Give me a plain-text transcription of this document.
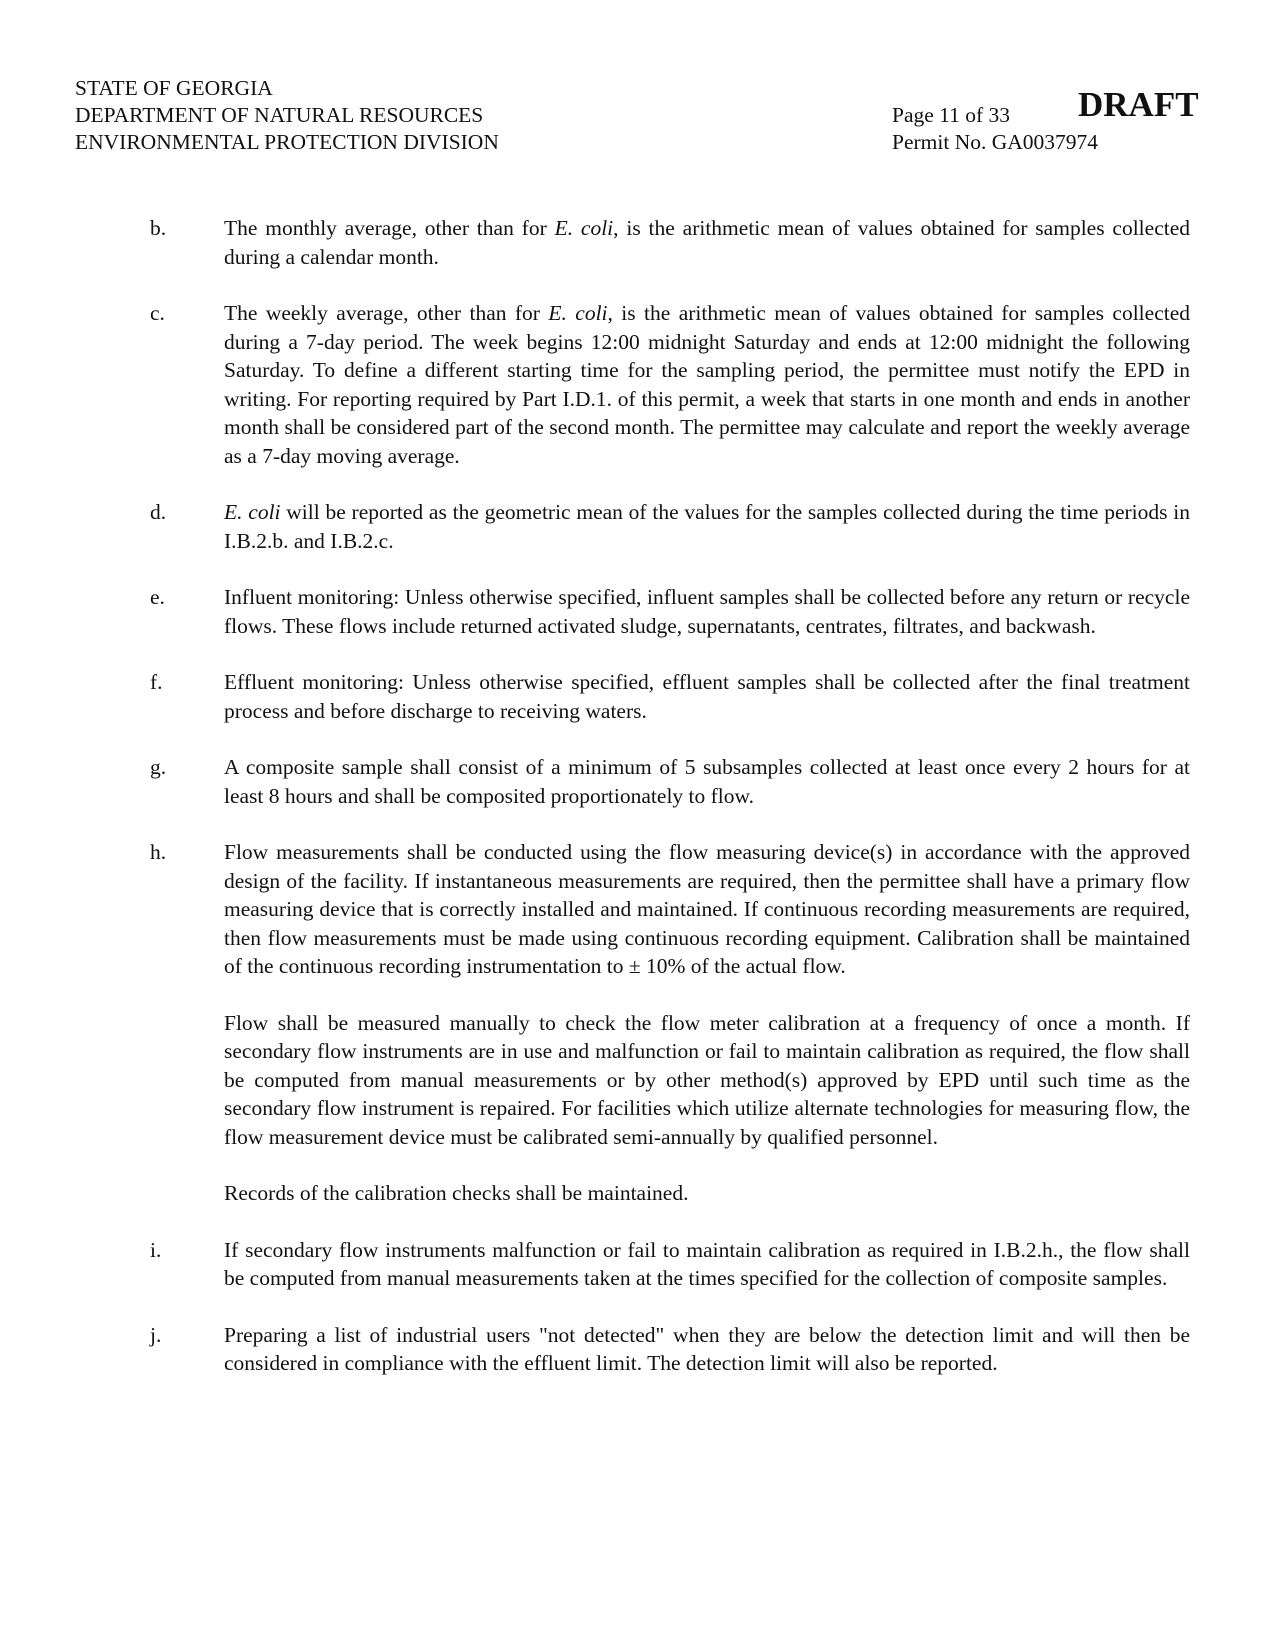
STATE OF GEORGIA
DEPARTMENT OF NATURAL RESOURCES
ENVIRONMENTAL PROTECTION DIVISION
Page 11 of 33
Permit No. GA0037974
DRAFT
b.	The monthly average, other than for E. coli, is the arithmetic mean of values obtained for samples collected during a calendar month.

c.	The weekly average, other than for E. coli, is the arithmetic mean of values obtained for samples collected during a 7-day period. The week begins 12:00 midnight Saturday and ends at 12:00 midnight the following Saturday. To define a different starting time for the sampling period, the permittee must notify the EPD in writing. For reporting required by Part I.D.1. of this permit, a week that starts in one month and ends in another month shall be considered part of the second month. The permittee may calculate and report the weekly average as a 7-day moving average.

d.	E. coli will be reported as the geometric mean of the values for the samples collected during the time periods in I.B.2.b. and I.B.2.c.

e.	Influent monitoring: Unless otherwise specified, influent samples shall be collected before any return or recycle flows. These flows include returned activated sludge, supernatants, centrates, filtrates, and backwash.

f.	Effluent monitoring: Unless otherwise specified, effluent samples shall be collected after the final treatment process and before discharge to receiving waters.

g.	A composite sample shall consist of a minimum of 5 subsamples collected at least once every 2 hours for at least 8 hours and shall be composited proportionately to flow.

h.	Flow measurements shall be conducted using the flow measuring device(s) in accordance with the approved design of the facility. If instantaneous measurements are required, then the permittee shall have a primary flow measuring device that is correctly installed and maintained. If continuous recording measurements are required, then flow measurements must be made using continuous recording equipment. Calibration shall be maintained of the continuous recording instrumentation to ± 10% of the actual flow.

Flow shall be measured manually to check the flow meter calibration at a frequency of once a month. If secondary flow instruments are in use and malfunction or fail to maintain calibration as required, the flow shall be computed from manual measurements or by other method(s) approved by EPD until such time as the secondary flow instrument is repaired. For facilities which utilize alternate technologies for measuring flow, the flow measurement device must be calibrated semi-annually by qualified personnel.

Records of the calibration checks shall be maintained.

i.	If secondary flow instruments malfunction or fail to maintain calibration as required in I.B.2.h., the flow shall be computed from manual measurements taken at the times specified for the collection of composite samples.

j.	Preparing a list of industrial users "not detected" when they are below the detection limit and will then be considered in compliance with the effluent limit. The detection limit will also be reported.
